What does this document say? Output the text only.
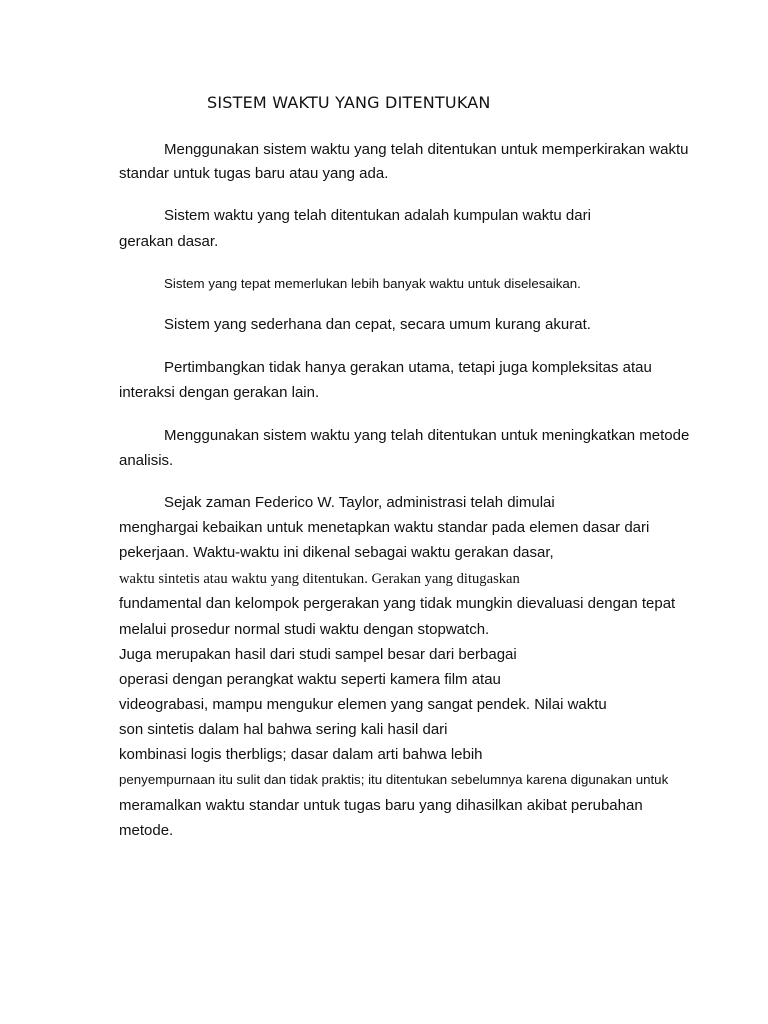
SISTEM WAKTU YANG DITENTUKAN
Menggunakan sistem waktu yang telah ditentukan untuk memperkirakan waktu
standar untuk tugas baru atau yang ada.
Sistem waktu yang telah ditentukan adalah kumpulan waktu dari
gerakan dasar.
Sistem yang tepat memerlukan lebih banyak waktu untuk diselesaikan.
Sistem yang sederhana dan cepat, secara umum kurang akurat.
Pertimbangkan tidak hanya gerakan utama, tetapi juga kompleksitas atau
interaksi dengan gerakan lain.
Menggunakan sistem waktu yang telah ditentukan untuk meningkatkan metode
analisis.
Sejak zaman Federico W. Taylor, administrasi telah dimulai
menghargai kebaikan untuk menetapkan waktu standar pada elemen dasar dari
pekerjaan. Waktu-waktu ini dikenal sebagai waktu gerakan dasar,
waktu sintetis atau waktu yang ditentukan. Gerakan yang ditugaskan
fundamental dan kelompok pergerakan yang tidak mungkin dievaluasi dengan tepat
melalui prosedur normal studi waktu dengan stopwatch.
Juga merupakan hasil dari studi sampel besar dari berbagai
operasi dengan perangkat waktu seperti kamera film atau
videograbasi, mampu mengukur elemen yang sangat pendek. Nilai waktu
son sintetis dalam hal bahwa sering kali hasil dari
kombinasi logis therbligs; dasar dalam arti bahwa lebih
penyempurnaan itu sulit dan tidak praktis; itu ditentukan sebelumnya karena digunakan untuk
meramalkan waktu standar untuk tugas baru yang dihasilkan akibat perubahan
metode.
